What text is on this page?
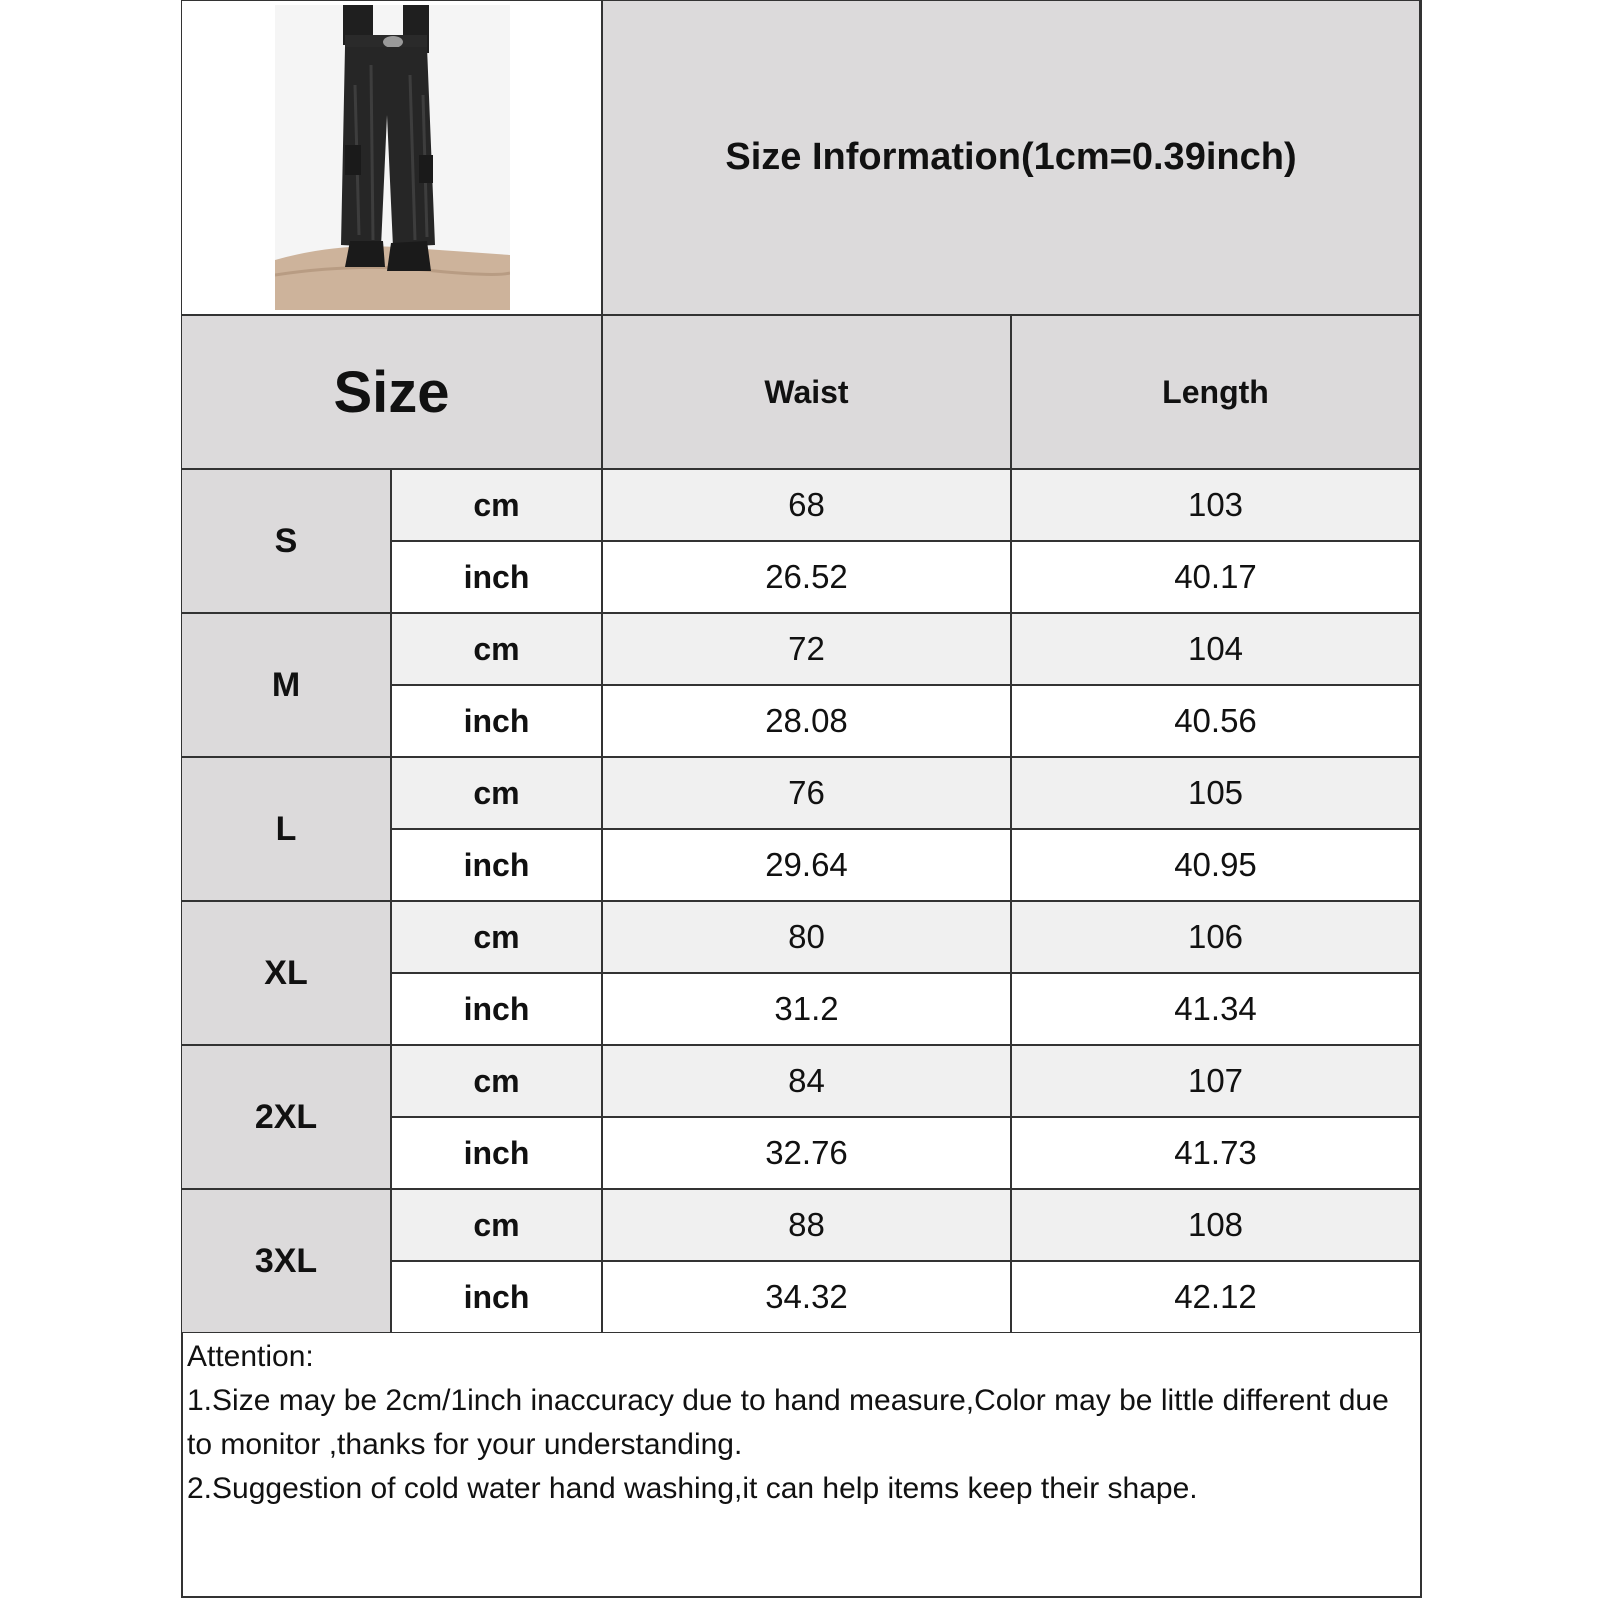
Size Information(1cm=0.39inch)
Size	Waist	Length
S
cm	68	103
inch	26.52	40.17
M
cm	72	104
inch	28.08	40.56
L
cm	76	105
inch	29.64	40.95
XL
cm	80	106
inch	31.2	41.34
2XL
cm	84	107
inch	32.76	41.73
3XL
cm	88	108
inch	34.32	42.12
Attention:
1.Size may be 2cm/1inch inaccuracy due to hand measure,Color may be little different due to monitor ,thanks for your understanding.
2.Suggestion of cold water hand washing,it can help items keep their shape.
